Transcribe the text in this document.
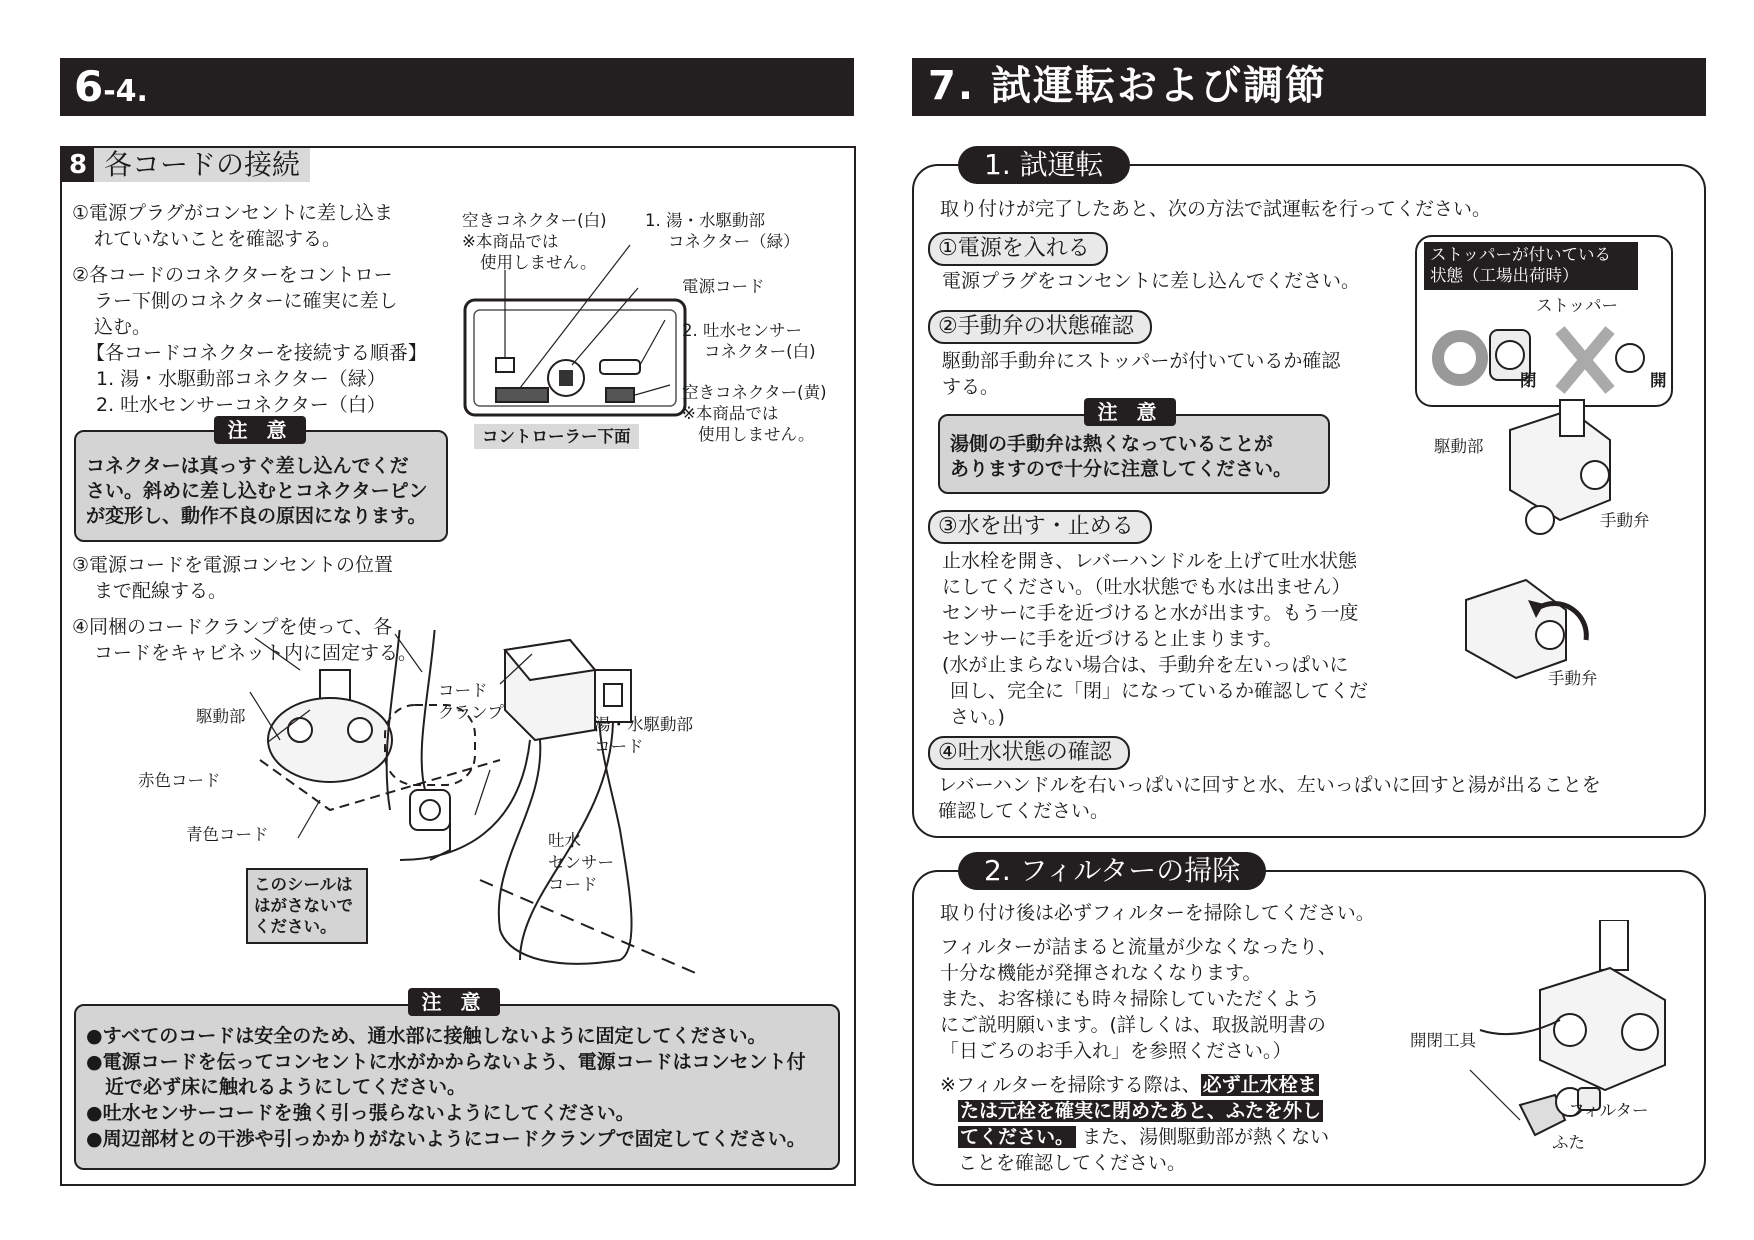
6-4.
8 各コードの接続
①電源プラグがコンセントに差し込ま
れていないことを確認する。
②各コードのコネクターをコントロー
ラー下側のコネクターに確実に差し
込む。
【各コードコネクターを接続する順番】
1. 湯・水駆動部コネクター（緑）
2. 吐水センサーコネクター（白）
注 意
コネクターは真っすぐ差し込んでくだ
さい。斜めに差し込むとコネクターピン
が変形し、動作不良の原因になります。
③電源コードを電源コンセントの位置
まで配線する。
④同梱のコードクランプを使って、各
コードをキャビネット内に固定する。
空きコネクター(白)
※本商品では
使用しません。
1. 湯・水駆動部
コネクター（緑）
電源コード
2. 吐水センサー
コネクター(白)
空きコネクター(黄)
※本商品では
使用しません。
コントローラー下面
駆動部
赤色コード
青色コード
コード
クランプ
湯・水駆動部
コード
吐水
センサー
コード
このシールは
はがさないで
ください。
注 意
●すべてのコードは安全のため、通水部に接触しないように固定してください。
●電源コードを伝ってコンセントに水がかからないよう、電源コードはコンセント付
　近で必ず床に触れるようにしてください。
●吐水センサーコードを強く引っ張らないようにしてください。
●周辺部材との干渉や引っかかりがないようにコードクランプで固定してください。
7. 試運転および調節
1. 試運転
取り付けが完了したあと、次の方法で試運転を行ってください。
①電源を入れる
電源プラグをコンセントに差し込んでください。
②手動弁の状態確認
駆動部手動弁にストッパーが付いているか確認
する。
注 意
湯側の手動弁は熱くなっていることが
ありますので十分に注意してください。
③水を出す・止める
止水栓を開き、レバーハンドルを上げて吐水状態
にしてください。（吐水状態でも水は出ません）
センサーに手を近づけると水が出ます。もう一度
センサーに手を近づけると止まります。
(水が止まらない場合は、手動弁を左いっぱいに
回し、完全に「閉」になっているか確認してくだ
さい。)
④吐水状態の確認
レバーハンドルを右いっぱいに回すと水、左いっぱいに回すと湯が出ることを
確認してください。
ストッパーが付いている
状態（工場出荷時）
ストッパー
閉	開
駆動部
手動弁
手動弁
2. フィルターの掃除
取り付け後は必ずフィルターを掃除してください。
フィルターが詰まると流量が少なくなったり、
十分な機能が発揮されなくなります。
また、お客様にも時々掃除していただくよう
にご説明願います。(詳しくは、取扱説明書の
「日ごろのお手入れ」を参照ください。）
※フィルターを掃除する際は、 必ず止水栓ま
たは元栓を確実に閉めたあと、ふたを外し
てください。 また、湯側駆動部が熱くない
ことを確認してください。
開閉工具
フィルター
ふた
